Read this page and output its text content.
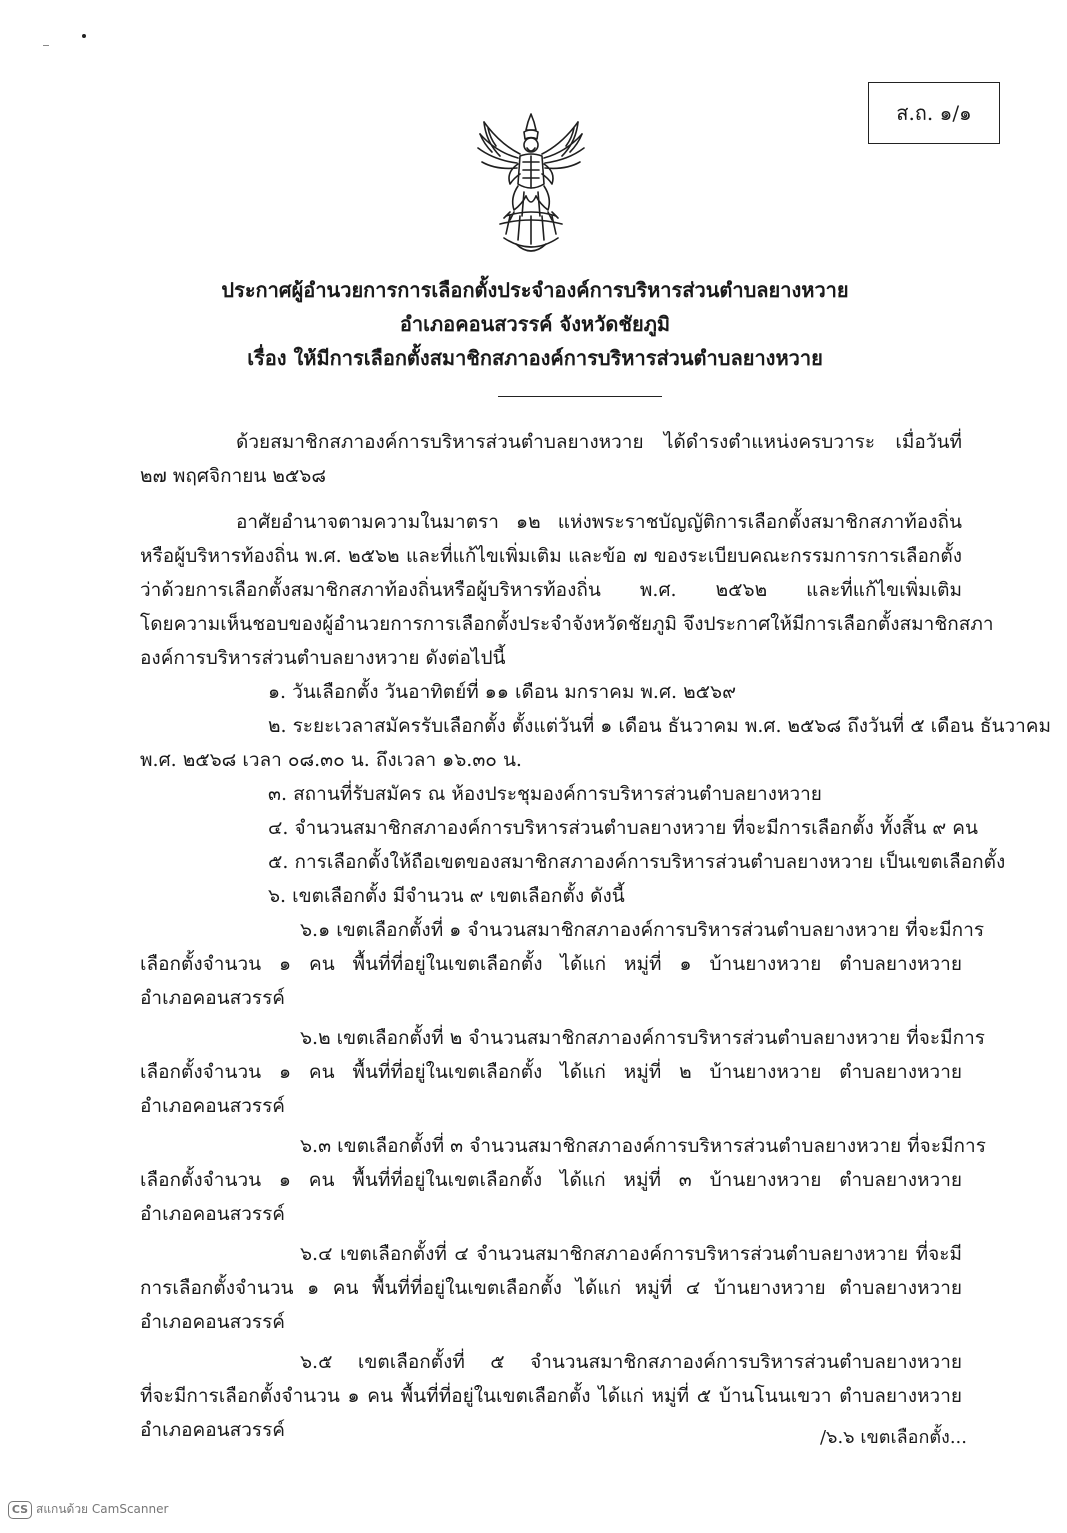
ส.ถ. ๑/๑
ประกาศผู้อำนวยการการเลือกตั้งประจำองค์การบริหารส่วนตำบลยางหวาย
อำเภอคอนสวรรค์ จังหวัดชัยภูมิ
เรื่อง ให้มีการเลือกตั้งสมาชิกสภาองค์การบริหารส่วนตำบลยางหวาย
ด้วยสมาชิกสภาองค์การบริหารส่วนตำบลยางหวาย ได้ดำรงตำแหน่งครบวาระ เมื่อวันที่
๒๗ พฤศจิกายน ๒๕๖๘
อาศัยอำนาจตามความในมาตรา ๑๒ แห่งพระราชบัญญัติการเลือกตั้งสมาชิกสภาท้องถิ่น
หรือผู้บริหารท้องถิ่น พ.ศ. ๒๕๖๒ และที่แก้ไขเพิ่มเติม และข้อ ๗ ของระเบียบคณะกรรมการการเลือกตั้ง
ว่าด้วยการเลือกตั้งสมาชิกสภาท้องถิ่นหรือผู้บริหารท้องถิ่น พ.ศ. ๒๕๖๒ และที่แก้ไขเพิ่มเติม
โดยความเห็นชอบของผู้อำนวยการการเลือกตั้งประจำจังหวัดชัยภูมิ จึงประกาศให้มีการเลือกตั้งสมาชิกสภา
องค์การบริหารส่วนตำบลยางหวาย ดังต่อไปนี้
๑. วันเลือกตั้ง วันอาทิตย์ที่ ๑๑ เดือน มกราคม พ.ศ. ๒๕๖๙
๒. ระยะเวลาสมัครรับเลือกตั้ง ตั้งแต่วันที่ ๑ เดือน ธันวาคม พ.ศ. ๒๕๖๘ ถึงวันที่ ๕ เดือน ธันวาคม
พ.ศ. ๒๕๖๘ เวลา ๐๘.๓๐ น. ถึงเวลา ๑๖.๓๐ น.
๓. สถานที่รับสมัคร ณ ห้องประชุมองค์การบริหารส่วนตำบลยางหวาย
๔. จำนวนสมาชิกสภาองค์การบริหารส่วนตำบลยางหวาย ที่จะมีการเลือกตั้ง ทั้งสิ้น ๙ คน
๕. การเลือกตั้งให้ถือเขตของสมาชิกสภาองค์การบริหารส่วนตำบลยางหวาย เป็นเขตเลือกตั้ง
๖. เขตเลือกตั้ง มีจำนวน ๙ เขตเลือกตั้ง ดังนี้
๖.๑ เขตเลือกตั้งที่ ๑ จำนวนสมาชิกสภาองค์การบริหารส่วนตำบลยางหวาย ที่จะมีการ
เลือกตั้งจำนวน ๑ คน พื้นที่ที่อยู่ในเขตเลือกตั้ง ได้แก่ หมู่ที่ ๑ บ้านยางหวาย ตำบลยางหวาย
อำเภอคอนสวรรค์
๖.๒ เขตเลือกตั้งที่ ๒ จำนวนสมาชิกสภาองค์การบริหารส่วนตำบลยางหวาย ที่จะมีการ
เลือกตั้งจำนวน ๑ คน พื้นที่ที่อยู่ในเขตเลือกตั้ง ได้แก่ หมู่ที่ ๒ บ้านยางหวาย ตำบลยางหวาย
อำเภอคอนสวรรค์
๖.๓ เขตเลือกตั้งที่ ๓ จำนวนสมาชิกสภาองค์การบริหารส่วนตำบลยางหวาย ที่จะมีการ
เลือกตั้งจำนวน ๑ คน พื้นที่ที่อยู่ในเขตเลือกตั้ง ได้แก่ หมู่ที่ ๓ บ้านยางหวาย ตำบลยางหวาย
อำเภอคอนสวรรค์
๖.๔ เขตเลือกตั้งที่ ๔ จำนวนสมาชิกสภาองค์การบริหารส่วนตำบลยางหวาย ที่จะมี
การเลือกตั้งจำนวน ๑ คน พื้นที่ที่อยู่ในเขตเลือกตั้ง ได้แก่ หมู่ที่ ๔ บ้านยางหวาย ตำบลยางหวาย
อำเภอคอนสวรรค์
๖.๕ เขตเลือกตั้งที่ ๕ จำนวนสมาชิกสภาองค์การบริหารส่วนตำบลยางหวาย
ที่จะมีการเลือกตั้งจำนวน ๑ คน พื้นที่ที่อยู่ในเขตเลือกตั้ง ได้แก่ หมู่ที่ ๕ บ้านโนนเขวา ตำบลยางหวาย
อำเภอคอนสวรรค์	/๖.๖ เขตเลือกตั้ง...
CS สแกนด้วย CamScanner
